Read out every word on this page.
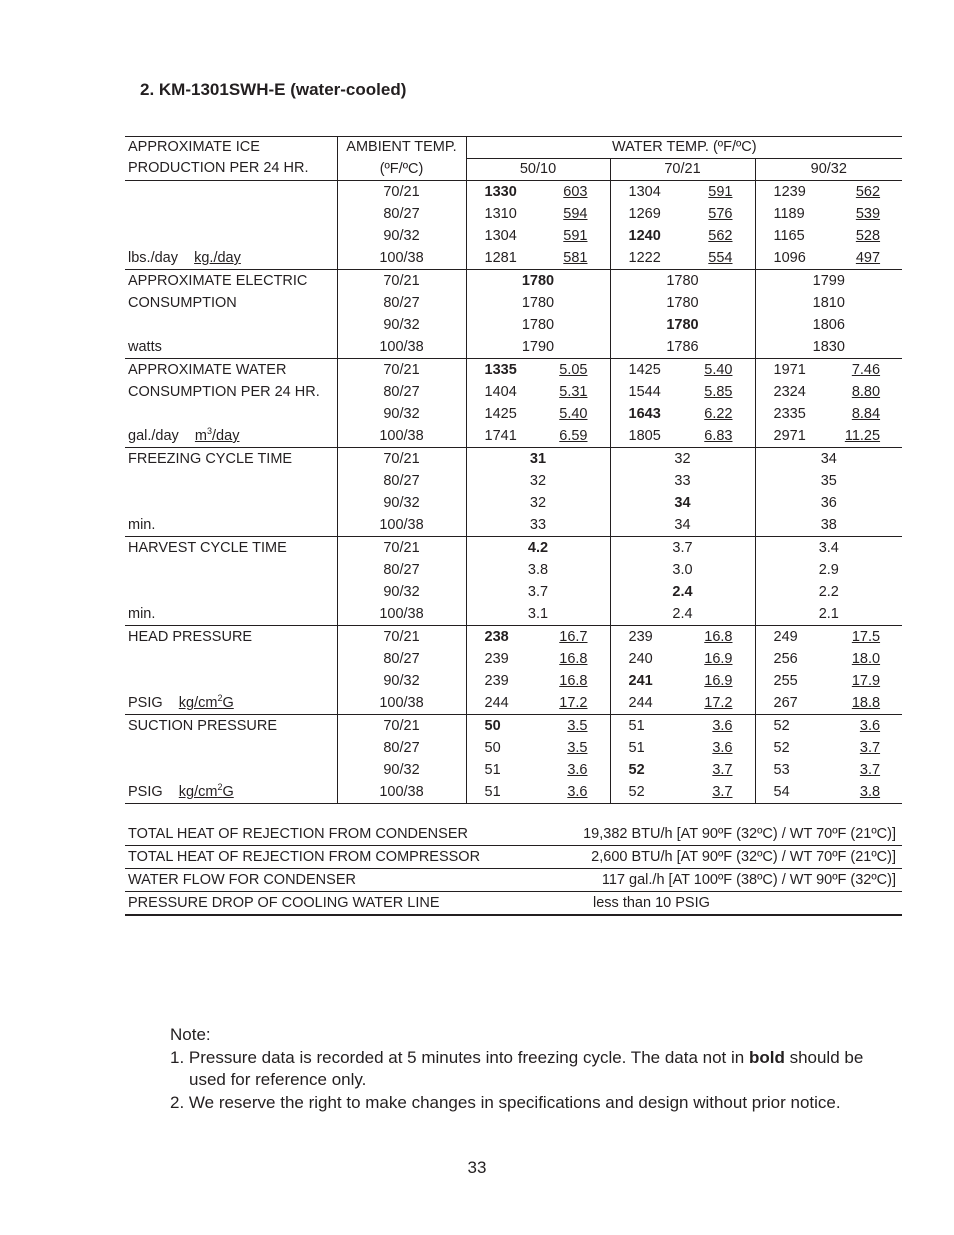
2. KM-1301SWH-E (water-cooled)
APPROXIMATE ICE
PRODUCTION PER 24 HR.	AMBIENT TEMP.	WATER TEMP. (ºF/ºC)					
	(ºF/ºC)	50/10		70/21		90/32	
	70/21	1330	603	1304	591	1239	562
	80/27	1310	594	1269	576	1189	539
	90/32	1304	591	1240	562	1165	528
lbs./day kg./day	100/38	1281	581	1222	554	1096	497
APPROXIMATE ELECTRIC	70/21	1780		1780		1799	
CONSUMPTION	80/27	1780		1780		1810	
	90/32	1780		1780		1806	
watts	100/38	1790		1786		1830	
APPROXIMATE WATER	70/21	1335	5.05	1425	5.40	1971	7.46
CONSUMPTION PER 24 HR.	80/27	1404	5.31	1544	5.85	2324	8.80
	90/32	1425	5.40	1643	6.22	2335	8.84
gal./day $m^3$/day	100/38	1741	6.59	1805	6.83	2971	11.25
FREEZING CYCLE TIME	70/21	31		32		34	
	80/27	32		33		35	
	90/32	32		34		36	
min.	100/38	33		34		38	
HARVEST CYCLE TIME	70/21	4.2		3.7		3.4	
	80/27	3.8		3.0		2.9	
	90/32	3.7		2.4		2.2	
min.	100/38	3.1		2.4		2.1	
HEAD PRESSURE	70/21	238	16.7	239	16.8	249	17.5
	80/27	239	16.8	240	16.9	256	18.0
	90/32	239	16.8	241	16.9	255	17.9
PSIG $kg/cm^2G$	100/38	244	17.2	244	17.2	267	18.8
SUCTION PRESSURE	70/21	50	3.5	51	3.6	52	3.6
	80/27	50	3.5	51	3.6	52	3.7
	90/32	51	3.6	52	3.7	53	3.7
PSIG $kg/cm^2G$	100/38	51	3.6	52	3.7	54	3.8
TOTAL HEAT OF REJECTION FROM CONDENSER	19,382 BTU/h [AT 90ºF (32ºC) / WT 70ºF (21ºC)]
TOTAL HEAT OF REJECTION FROM COMPRESSOR	2,600 BTU/h [AT 90ºF (32ºC) / WT 70ºF (21ºC)]
WATER FLOW FOR CONDENSER	117 gal./h [AT 100ºF (38ºC) / WT 90ºF (32ºC)]
PRESSURE DROP OF COOLING WATER LINE	less than 10 PSIG
Note:
1. Pressure data is recorded at 5 minutes into freezing cycle. The data not in bold should be used for reference only.
2. We reserve the right to make changes in specifications and design without prior notice.
33
